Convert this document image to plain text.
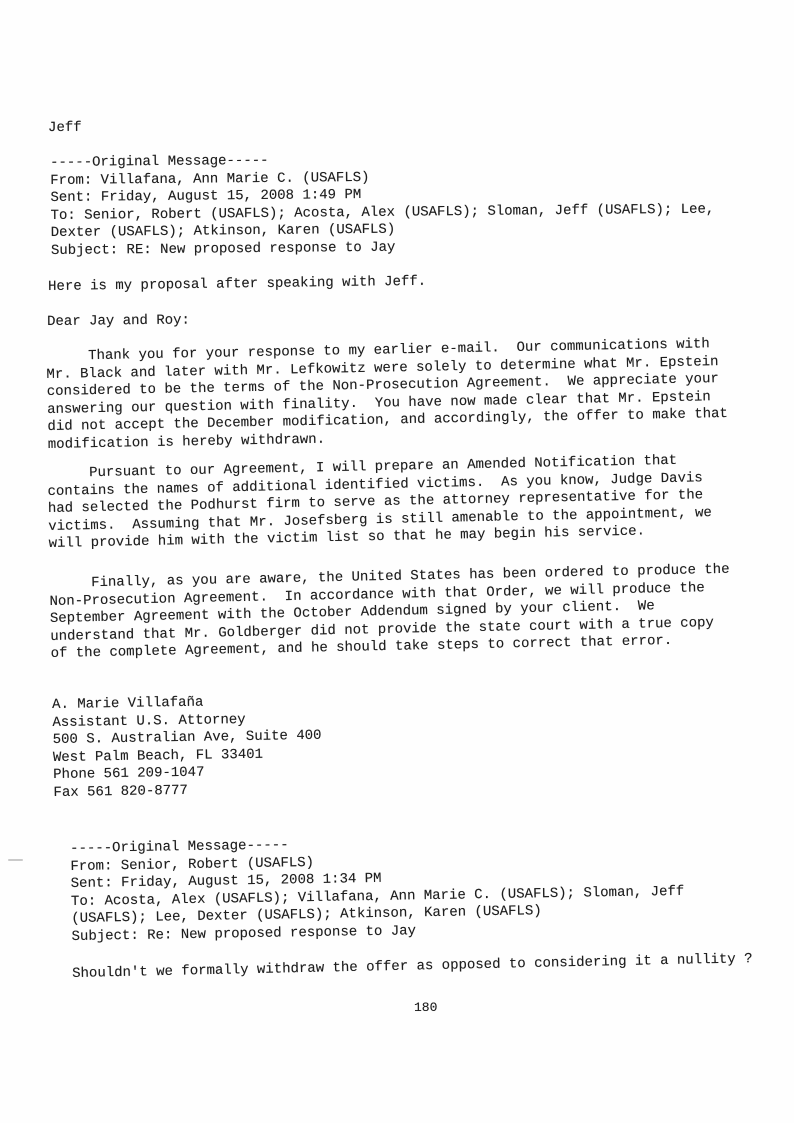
Jeff
-----Original Message-----
From: Villafana, Ann Marie C. (USAFLS)
Sent: Friday, August 15, 2008 1:49 PM
To: Senior, Robert (USAFLS); Acosta, Alex (USAFLS); Sloman, Jeff (USAFLS); Lee,
Dexter (USAFLS); Atkinson, Karen (USAFLS)
Subject: RE: New proposed response to Jay
Here is my proposal after speaking with Jeff.
Dear Jay and Roy:
Thank you for your response to my earlier e-mail.  Our communications with
Mr. Black and later with Mr. Lefkowitz were solely to determine what Mr. Epstein
considered to be the terms of the Non-Prosecution Agreement.  We appreciate your
answering our question with finality.  You have now made clear that Mr. Epstein
did not accept the December modification, and accordingly, the offer to make that
modification is hereby withdrawn.
Pursuant to our Agreement, I will prepare an Amended Notification that
contains the names of additional identified victims.  As you know, Judge Davis
had selected the Podhurst firm to serve as the attorney representative for the
victims.  Assuming that Mr. Josefsberg is still amenable to the appointment, we
will provide him with the victim list so that he may begin his service.
Finally, as you are aware, the United States has been ordered to produce the
Non-Prosecution Agreement.  In accordance with that Order, we will produce the
September Agreement with the October Addendum signed by your client.  We
understand that Mr. Goldberger did not provide the state court with a true copy
of the complete Agreement, and he should take steps to correct that error.
A. Marie Villafaña
Assistant U.S. Attorney
500 S. Australian Ave, Suite 400
West Palm Beach, FL 33401
Phone 561 209-1047
Fax 561 820-8777
-----Original Message-----
From: Senior, Robert (USAFLS)
Sent: Friday, August 15, 2008 1:34 PM
To: Acosta, Alex (USAFLS); Villafana, Ann Marie C. (USAFLS); Sloman, Jeff
(USAFLS); Lee, Dexter (USAFLS); Atkinson, Karen (USAFLS)
Subject: Re: New proposed response to Jay
Shouldn't we formally withdraw the offer as opposed to considering it a nullity ?
180
